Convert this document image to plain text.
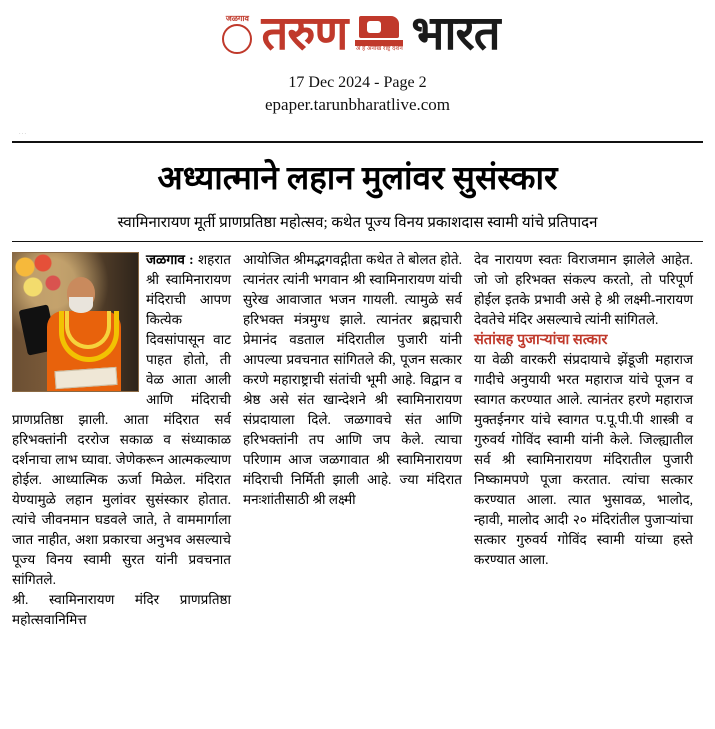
जळगाव तरुण अ हे अनोखे राष्ट्र दर्शन भारत
17 Dec 2024 - Page 2
epaper.tarunbharatlive.com
…
अध्यात्माने लहान मुलांवर सुसंस्कार
स्वामिनारायण मूर्ती प्राणप्रतिष्ठा महोत्सव; कथेत पूज्य विनय प्रकाशदास स्वामी यांचे प्रतिपादन

जळगाव : शहरात श्री स्वामिनारायण मंदिराची आपण कित्येक दिवसांपासून वाट पाहत होतो, ती वेळ आता आली आणि मंदिराची प्राणप्रतिष्ठा झाली. आता मंदिरात सर्व हरिभक्तांनी दररोज सकाळ व संध्याकाळ दर्शनाचा लाभ घ्यावा. जेणेकरून आत्मकल्याण होईल. आध्यात्मिक ऊर्जा मिळेल. मंदिरात येण्यामुळे लहान मुलांवर सुसंस्कार होतात. त्यांचे जीवनमान घडवले जाते, ते वाममार्गाला जात नाहीत, अशा प्रकारचा अनुभव असल्याचे पूज्य विनय स्वामी सुरत यांनी प्रवचनात सांगितले.

श्री. स्वामिनारायण मंदिर प्राणप्रतिष्ठा महोत्सवानिमित्त

आयोजित श्रीमद्भगवद्गीता कथेत ते बोलत होते. त्यानंतर त्यांनी भगवान श्री स्वामिनारायण यांची सुरेख आवाजात भजन गायली. त्यामुळे सर्व हरिभक्त मंत्रमुग्ध झाले. त्यानंतर ब्रह्मचारी प्रेमानंद वडताल मंदिरातील पुजारी यांनी आपल्या प्रवचनात सांगितले की, पूजन सत्कार करणे महाराष्ट्राची संतांची भूमी आहे. विद्वान व श्रेष्ठ असे संत खान्देशने श्री स्वामिनारायण संप्रदायाला दिले. जळगावचे संत आणि हरिभक्तांनी तप आणि जप केले. त्याचा परिणाम आज जळगावात श्री स्वामिनारायण मंदिराची निर्मिती झाली आहे. ज्या मंदिरात मनःशांतीसाठी श्री लक्ष्मी

देव नारायण स्वतः विराजमान झालेले आहेत. जो जो हरिभक्त संकल्प करतो, तो परिपूर्ण होईल इतके प्रभावी असे हे श्री लक्ष्मी-नारायण देवतेचे मंदिर असल्याचे त्यांनी सांगितले.

संतांसह पुजाऱ्यांचा सत्कार

या वेळी वारकरी संप्रदायाचे झेंडूजी महाराज गादीचे अनुयायी भरत महाराज यांचे पूजन व स्वागत करण्यात आले. त्यानंतर हरणे महाराज मुक्तईनगर यांचे स्वागत प.पू.पी.पी शास्त्री व गुरुवर्य गोविंद स्वामी यांनी केले. जिल्ह्यातील सर्व श्री स्वामिनारायण मंदिरातील पुजारी निष्कामपणे पूजा करतात. त्यांचा सत्कार करण्यात आला. त्यात भुसावळ, भालोद, न्हावी, मालोद आदी २० मंदिरांतील पुजाऱ्यांचा सत्कार गुरुवर्य गोविंद स्वामी यांच्या हस्ते करण्यात आला.
